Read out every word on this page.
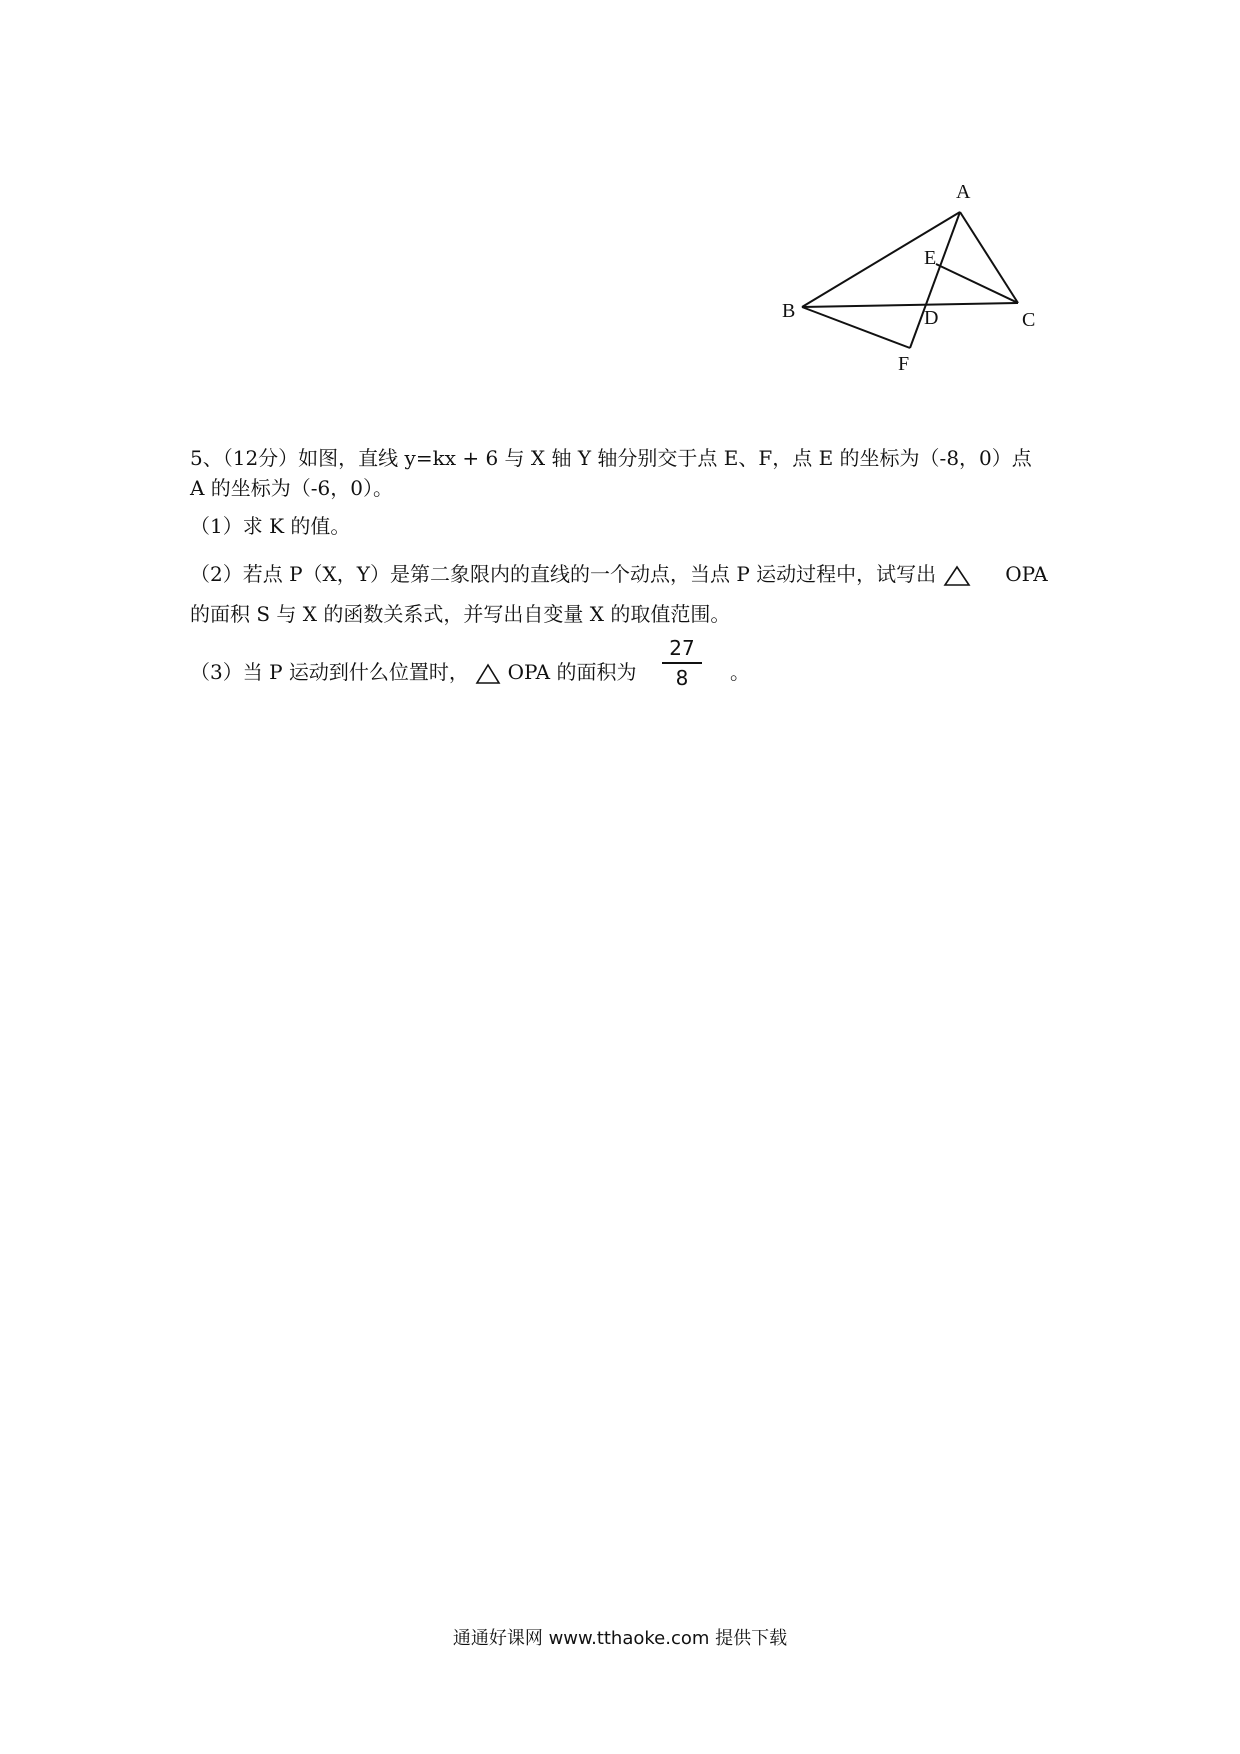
A
B	C
D
E
F
5、（12分）如图，直线 y=kx + 6 与 X 轴 Y 轴分别交于点 E、F，点 E 的坐标为（-8，0）点
A 的坐标为（-6，0）。
（1）求 K 的值。
（2）若点 P（X，Y）是第二象限内的直线的一个动点，当点 P 运动过程中，试写出	OPA
的面积 S 与 X 的函数关系式，并写出自变量 X 的取值范围。
（3）当 P 运动到什么位置时， OPA 的面积为
27
8	。
通通好课网 www.tthaoke.com 提供下载
